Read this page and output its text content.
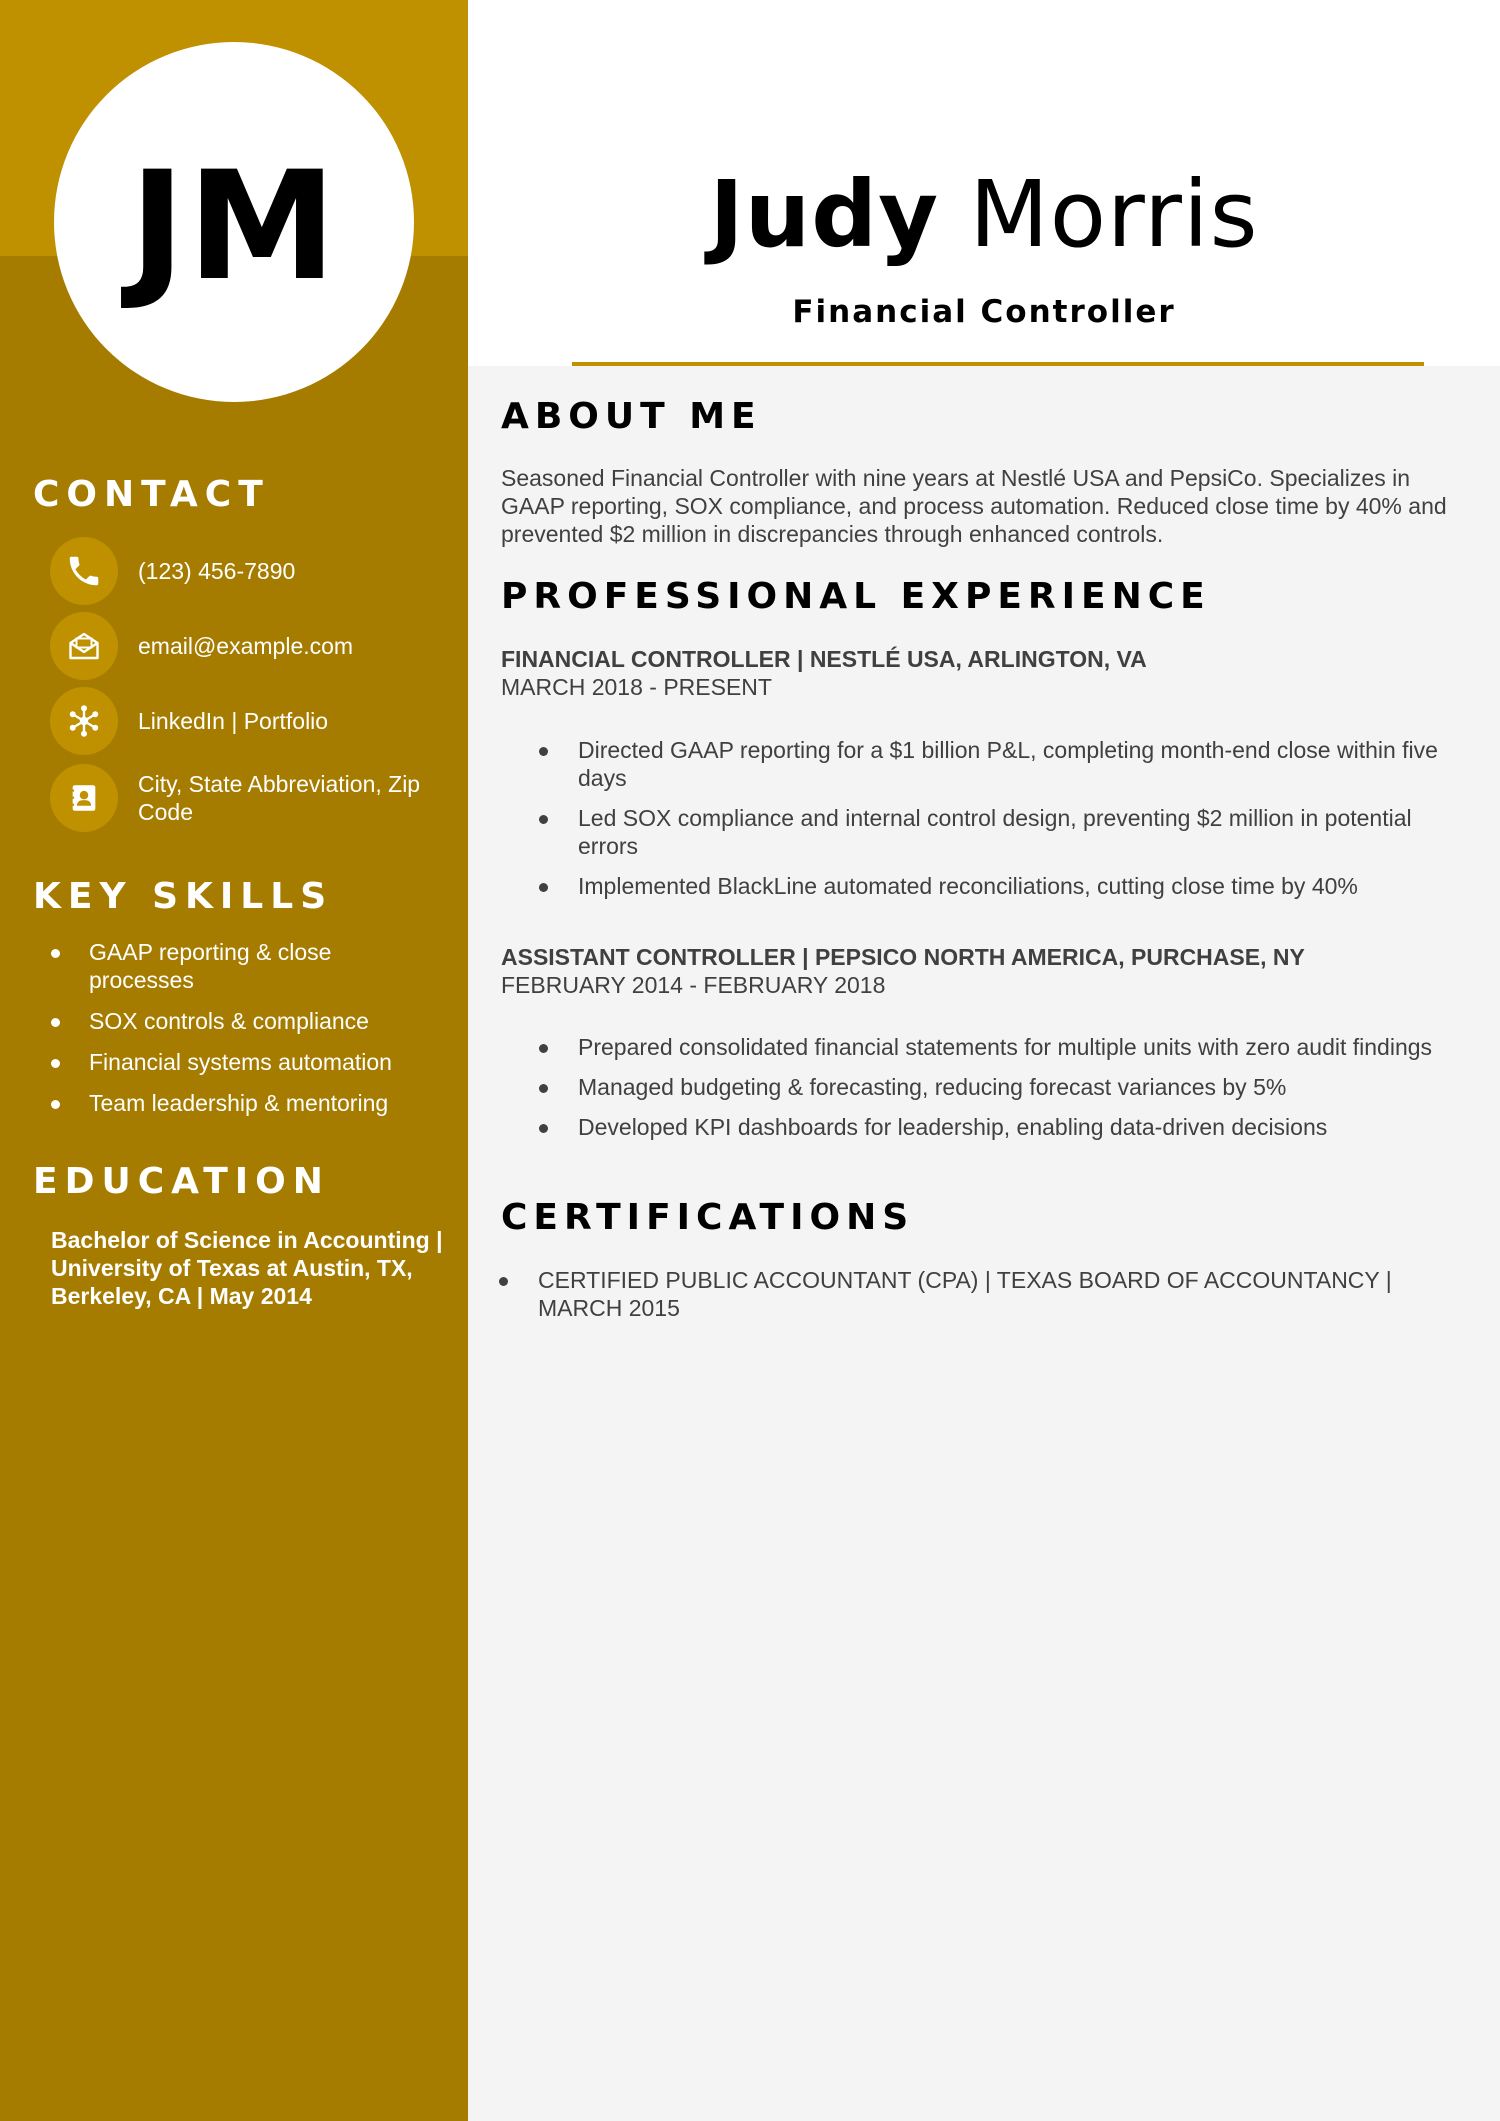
JM
CONTACT
(123) 456-7890
email@example.com
LinkedIn | Portfolio
City, State Abbreviation, Zip Code
KEY SKILLS
GAAP reporting & close processes
SOX controls & compliance
Financial systems automation
Team leadership & mentoring
EDUCATION
Bachelor of Science in Accounting | University of Texas at Austin, TX, Berkeley, CA | May 2014
Judy Morris
Financial Controller
ABOUT ME
Seasoned Financial Controller with nine years at Nestlé USA and PepsiCo. Specializes in GAAP reporting, SOX compliance, and process automation. Reduced close time by 40% and prevented $2 million in discrepancies through enhanced controls.
PROFESSIONAL EXPERIENCE
FINANCIAL CONTROLLER | NESTLÉ USA, ARLINGTON, VA
MARCH 2018 - PRESENT
Directed GAAP reporting for a $1 billion P&L, completing month-end close within five days
Led SOX compliance and internal control design, preventing $2 million in potential errors
Implemented BlackLine automated reconciliations, cutting close time by 40%
ASSISTANT CONTROLLER | PEPSICO NORTH AMERICA, PURCHASE, NY
FEBRUARY 2014 - FEBRUARY 2018
Prepared consolidated financial statements for multiple units with zero audit findings
Managed budgeting & forecasting, reducing forecast variances by 5%
Developed KPI dashboards for leadership, enabling data-driven decisions
CERTIFICATIONS
CERTIFIED PUBLIC ACCOUNTANT (CPA) | TEXAS BOARD OF ACCOUNTANCY | MARCH 2015
